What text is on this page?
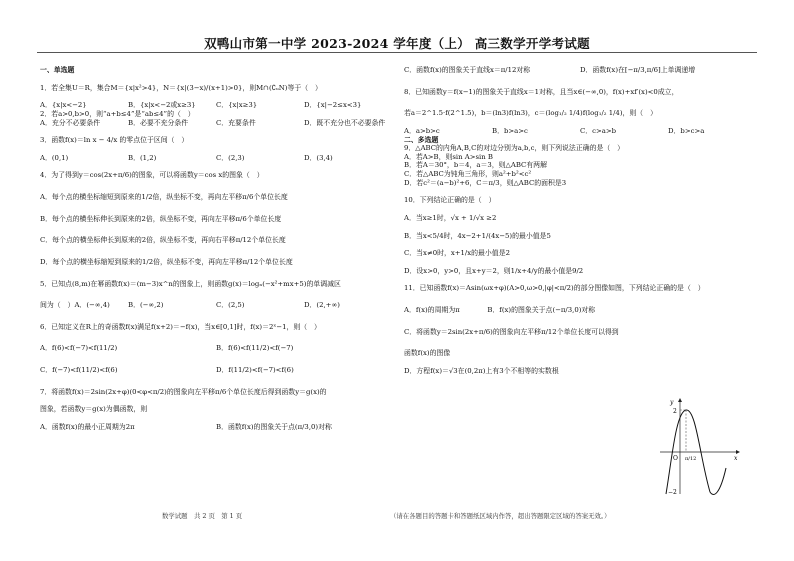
双鸭山市第一中学 2023-2024 学年度（上） 高三数学开学考试题
一、单选题
1．若全集U＝R，集合M＝{x|x²>4}，N＝{x|(3−x)/(x+1)>0}，则M∩(∁ᵤN)等于（　）
A．{x|x<−2}	B．{x|x<−2或x≥3}	C．{x|x≥3}	D．{x|−2≤x<3}
2．若a>0,b>0，则“a+b≤4”是“ab≤4”的（　）
A．充分不必要条件	B．必要不充分条件	C．充要条件	D．既不充分也不必要条件
3．函数f(x)＝ln x − 4/x 的零点位于区间（　）
A．(0,1)	B．(1,2)	C．(2,3)	D．(3,4)
4．为了得到y＝cos(2x+π/6)的图象，可以将函数y＝cos x的图象（　）
A．每个点的横坐标缩短到原来的1/2倍，纵坐标不变，再向左平移π/6个单位长度
B．每个点的横坐标伸长到原来的2倍，纵坐标不变，再向左平移π/6个单位长度
C．每个点的横坐标伸长到原来的2倍，纵坐标不变，再向右平移π/12个单位长度
D．每个点的横坐标缩短到原来的1/2倍，纵坐标不变，再向左平移π/12个单位长度
5．已知点(8,m)在幂函数f(x)＝(m−3)x^n的图象上，则函数g(x)＝logₙ(−x²+mx+5)的单调减区
间为（　）A．(−∞,4)	B．(−∞,2)	C．(2,5)	D．(2,+∞)
6．已知定义在R上的奇函数f(x)满足f(x+2)＝−f(x)，当x∈[0,1]时，f(x)＝2ˣ−1，则（　）
A．f(6)<f(−7)<f(11/2)	B．f(6)<f(11/2)<f(−7)
C．f(−7)<f(11/2)<f(6)	D．f(11/2)<f(−7)<f(6)
7．将函数f(x)＝2sin(2x+φ)(0<φ<π/2)的图象向左平移π/6个单位长度后得到函数y＝g(x)的
图象，若函数y＝g(x)为偶函数，则
A．函数f(x)的最小正周期为2π	B．函数f(x)的图象关于点(π/3,0)对称
C．函数f(x)的图象关于直线x＝π/12对称	D．函数f(x)在[−π/3,π/6]上单调递增
8．已知函数y＝f(x−1)的图象关于直线x＝1对称，且当x∈(−∞,0)，f(x)+xf′(x)<0成立，
若a＝2^1.5·f(2^1.5)，b＝(ln3)f(ln3)，c＝(log₁/₂ 1/4)f(log₁/₂ 1/4)，则（　）
A．a>b>c	B．b>a>c	C．c>a>b	D．b>c>a
二、多选题
9．△ABC的内角A,B,C的对边分别为a,b,c，则下列说法正确的是（　）
A．若A>B，则sin A>sin B
B．若A＝30°，b＝4，a＝3，则△ABC有两解
C．若△ABC为钝角三角形，则a²+b²<c²
D．若c²＝(a−b)²+6，C＝π/3，则△ABC的面积是3
10．下列结论正确的是（　）
A．当x≥1时，√x + 1/√x ≥2
B．当x<5/4时，4x−2+1/(4x−5)的最小值是5
C．当x≠0时，x+1/x的最小值是2
D．设x>0，y>0，且x+y＝2，则1/x+4/y的最小值是9/2
11．已知函数f(x)＝Asin(ωx+φ)(A>0,ω>0,|φ|<π/2)的部分图像如图，下列结论正确的是（　）
A．f(x)的周期为π　　　　B．f(x)的图象关于点(−π/3,0)对称
C．将函数y＝2sin(2x+π/6)的图象向左平移π/12个单位长度可以得到
函数f(x)的图像
D．方程f(x)＝√3在(0,2π)上有3个不相等的实数根
y
x
O
2
−2
π/12
数学试题　共 2 页　第 1 页	（请在各题目的答题卡和答题纸区域内作答，超出答题限定区域的答案无效。）
